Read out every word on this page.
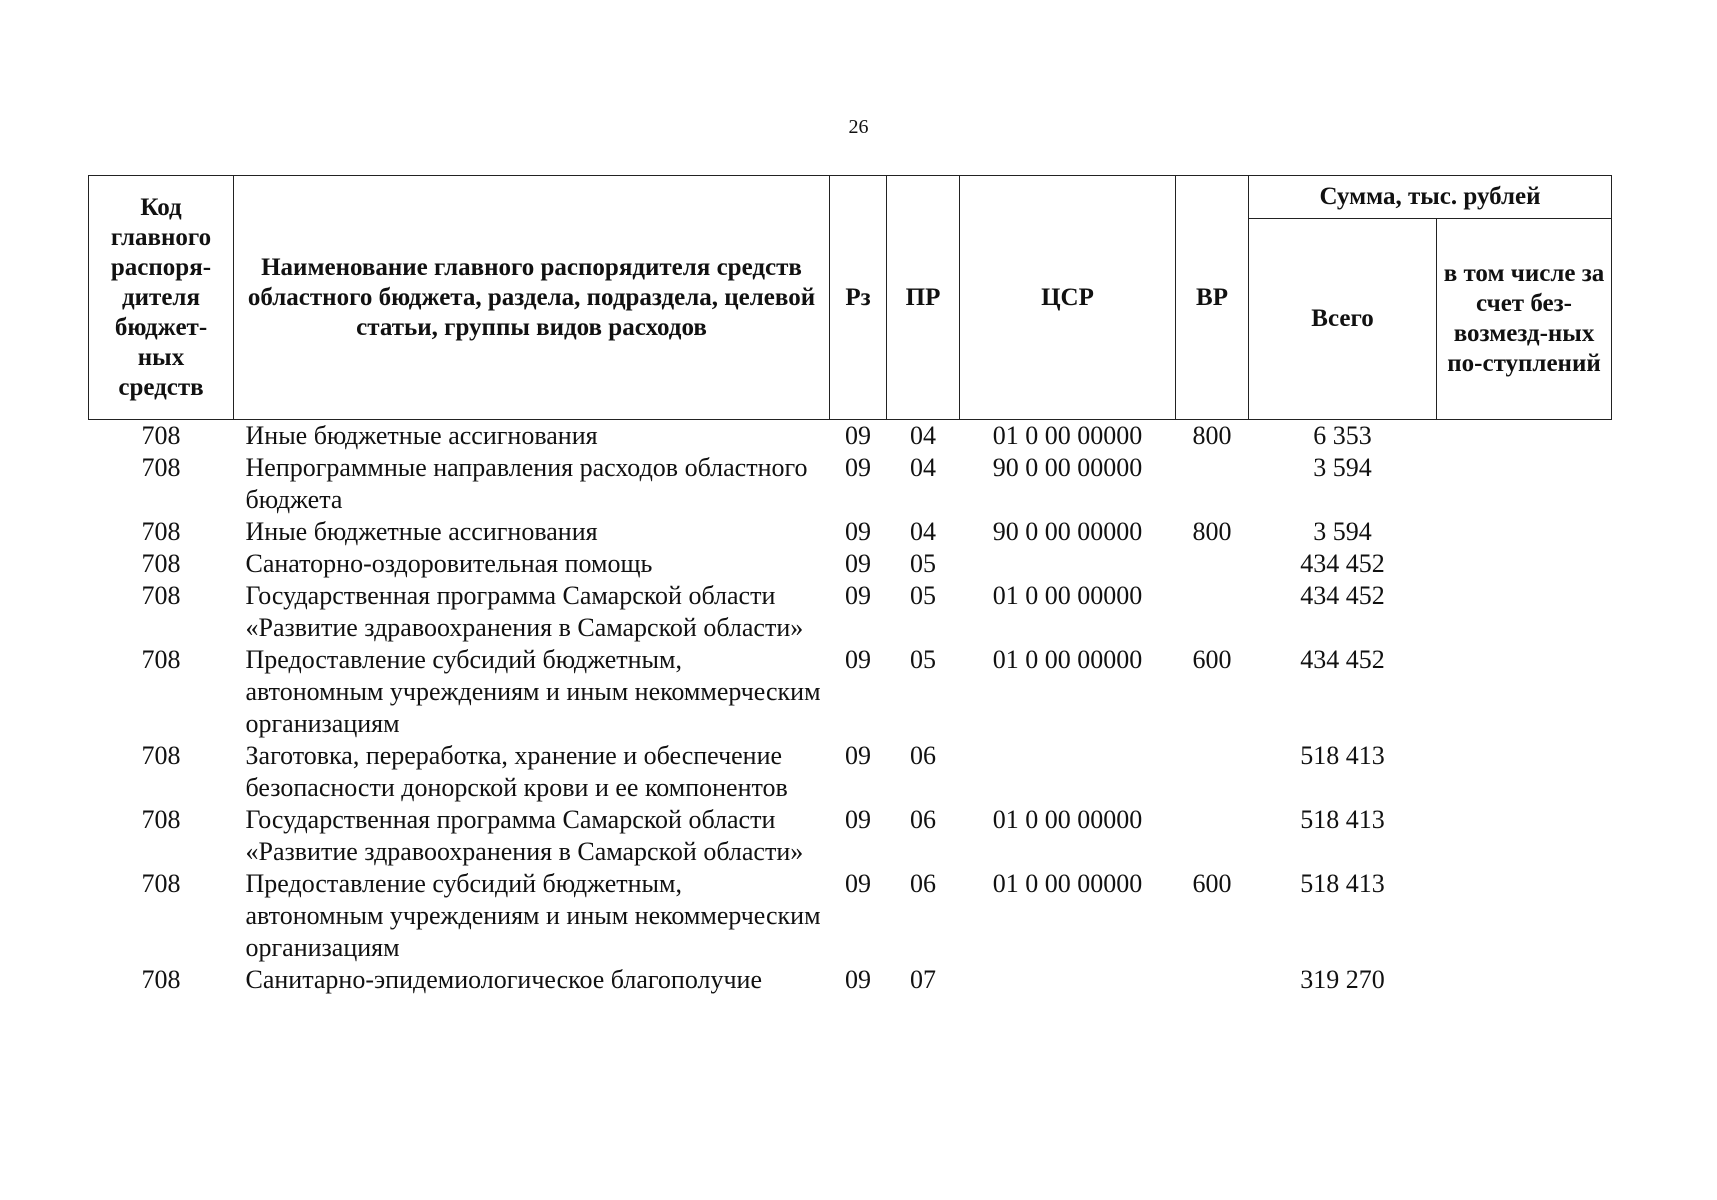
26
Код главного распоря-дителя бюджет-ных средств	Наименование главного распорядителя средств областного бюджета, раздела, подраздела, целевой статьи, группы видов расходов	Рз	ПР	ЦСР	ВР	Сумма, тыс. рублей	
						Всего	в том числе за счет без-возмезд-ных по-ступлений
708	Иные бюджетные ассигнования	09	04	01 0 00 00000	800	6 353	
708	Непрограммные направления расходов областного бюджета	09	04	90 0 00 00000		3 594	
708	Иные бюджетные ассигнования	09	04	90 0 00 00000	800	3 594	
708	Санаторно-оздоровительная помощь	09	05			434 452	
708	Государственная программа Самарской области «Развитие здравоохранения в Самарской области»	09	05	01 0 00 00000		434 452	
708	Предоставление субсидий бюджетным, автономным учреждениям и иным некоммерческим организациям	09	05	01 0 00 00000	600	434 452	
708	Заготовка, переработка, хранение и обеспечение безопасности донорской крови и ее компонентов	09	06			518 413	
708	Государственная программа Самарской области «Развитие здравоохранения в Самарской области»	09	06	01 0 00 00000		518 413	
708	Предоставление субсидий бюджетным, автономным учреждениям и иным некоммерческим организациям	09	06	01 0 00 00000	600	518 413	
708	Санитарно-эпидемиологическое благополучие	09	07			319 270	
